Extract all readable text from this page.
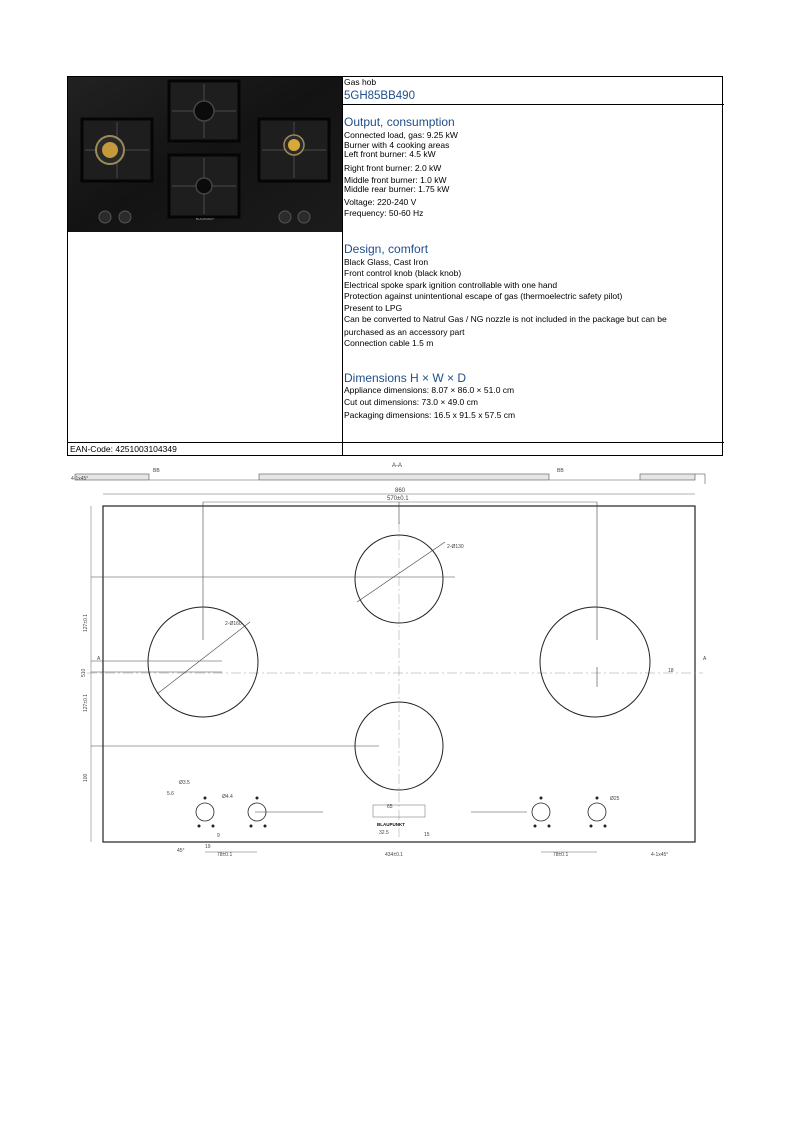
BLAUPUNKT
Gas hob
5GH85BB490
Output, consumption
Connected load, gas: 9.25 kW
Burner with 4 cooking areas
Left front burner: 4.5 kW
Right front burner: 2.0 kW
Middle front burner: 1.0 kW
Middle rear burner: 1.75 kW
Voltage: 220-240 V
Frequency: 50-60 Hz
Design, comfort
Black Glass, Cast Iron
Front control knob (black knob)
Electrical spoke spark ignition controllable with one hand
Protection against unintentional escape of gas (thermoelectric safety pilot)
Present to LPG
Can be converted to Natrul Gas / NG nozzle is not included in the package but can be
purchased as an accessory part
Connection cable 1.5 m
Dimensions H × W × D
Appliance dimensions: 8.07 × 86.0 × 51.0 cm
Cut out dimensions: 73.0 × 49.0 cm
Packaging dimensions: 16.5 x 91.5 x 57.5 cm
EAN-Code: 4251003104349
4-1x45°
A-A
BB	BB
860
570±0.1
2-Ø130
2-Ø160
510
127±0.1
127±0.1
100
A	A
18
Ø3.5
Ø4.4	Ø25
5.6
9
19
45°
65
BLAUPUNKT
32.5	15
78±0.1	78±0.1
434±0.1	4-1x45°
